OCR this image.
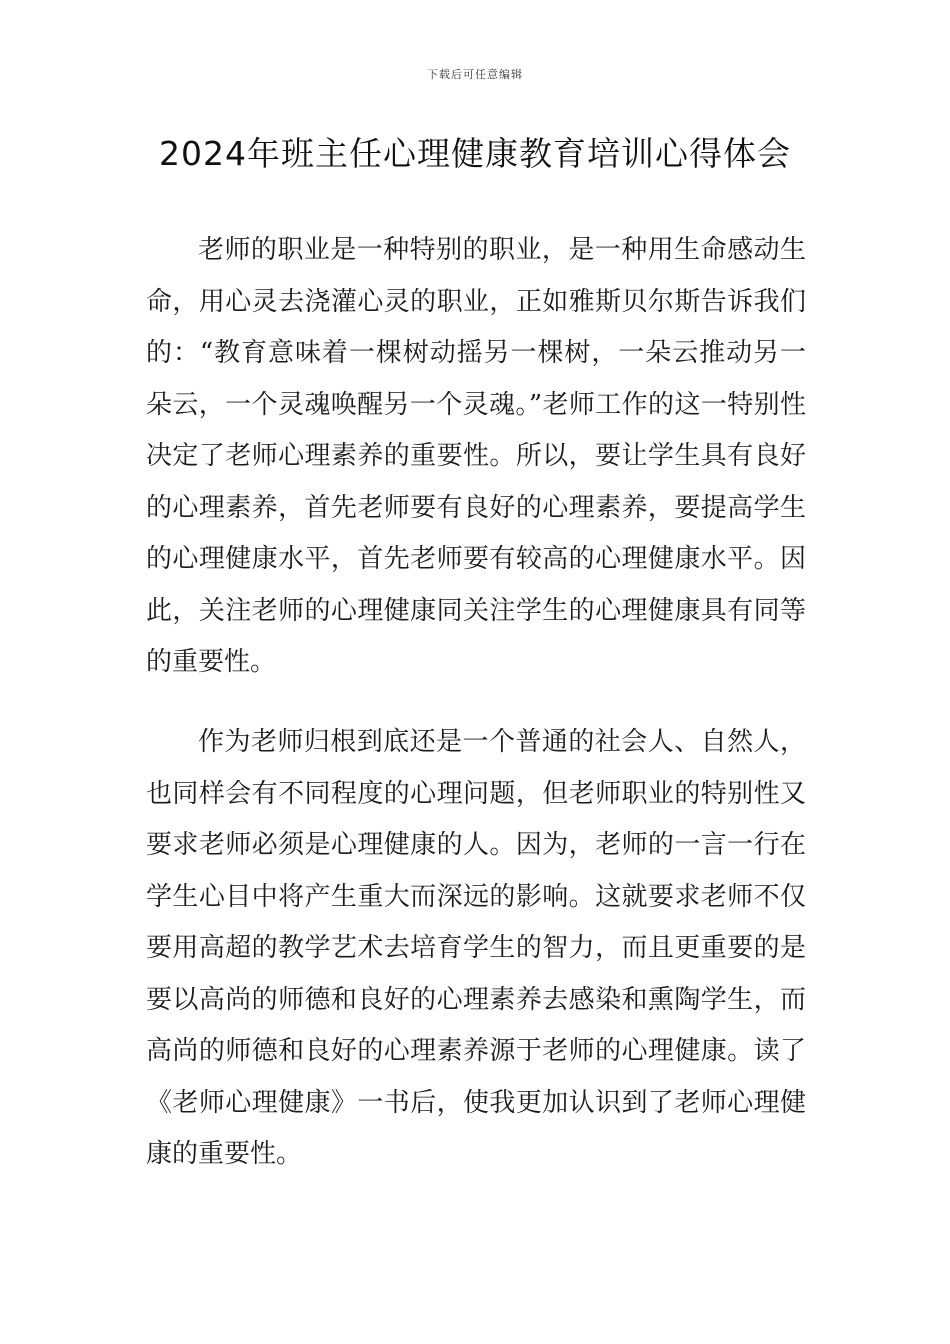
下载后可任意编辑
2024年班主任心理健康教育培训心得体会

老师的职业是一种特别的职业，是一种用生命感动生命，用心灵去浇灌心灵的职业，正如雅斯贝尔斯告诉我们的：“教育意味着一棵树动摇另一棵树，一朵云推动另一朵云，一个灵魂唤醒另一个灵魂。”老师工作的这一特别性决定了老师心理素养的重要性。所以，要让学生具有良好的心理素养，首先老师要有良好的心理素养，要提高学生的心理健康水平，首先老师要有较高的心理健康水平。因此，关注老师的心理健康同关注学生的心理健康具有同等的重要性。

作为老师归根到底还是一个普通的社会人、自然人，也同样会有不同程度的心理问题，但老师职业的特别性又要求老师必须是心理健康的人。因为，老师的一言一行在学生心目中将产生重大而深远的影响。这就要求老师不仅要用高超的教学艺术去培育学生的智力，而且更重要的是要以高尚的师德和良好的心理素养去感染和熏陶学生，而高尚的师德和良好的心理素养源于老师的心理健康。读了《老师心理健康》一书后，使我更加认识到了老师心理健康的重要性。
